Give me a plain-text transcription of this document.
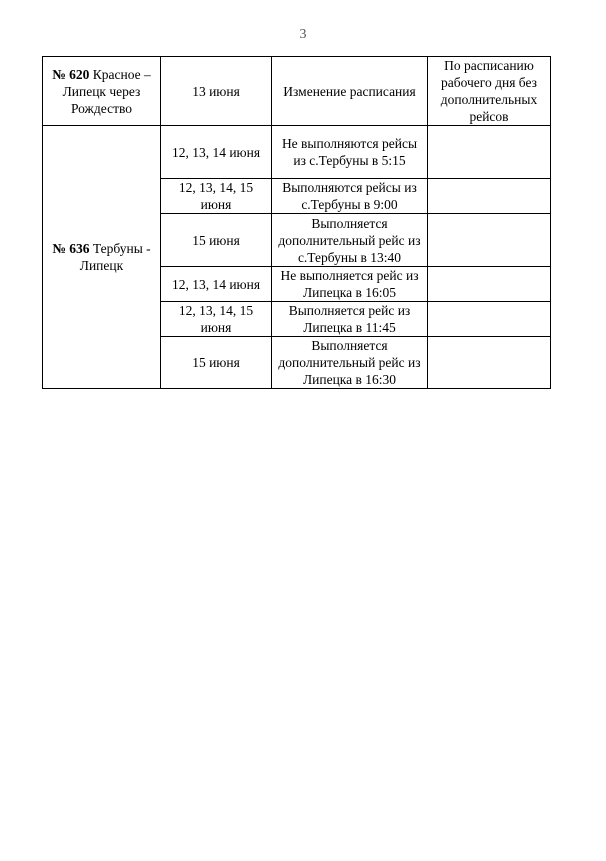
3
№ 620 Красное – Липецк через Рождество	13 июня	Изменение расписания	По расписанию рабочего дня без дополнительных рейсов
№ 636 Тербуны - Липецк	12, 13, 14 июня	Не выполняются рейсы из с.Тербуны в 5:15	
	12, 13, 14, 15 июня	Выполняются рейсы из с.Тербуны в 9:00	
	15 июня	Выполняется дополнительный рейс из с.Тербуны в 13:40	
	12, 13, 14 июня	Не выполняется рейс из Липецка в 16:05	
	12, 13, 14, 15 июня	Выполняется рейс из Липецка в 11:45	
	15 июня	Выполняется дополнительный рейс из Липецка в 16:30	
